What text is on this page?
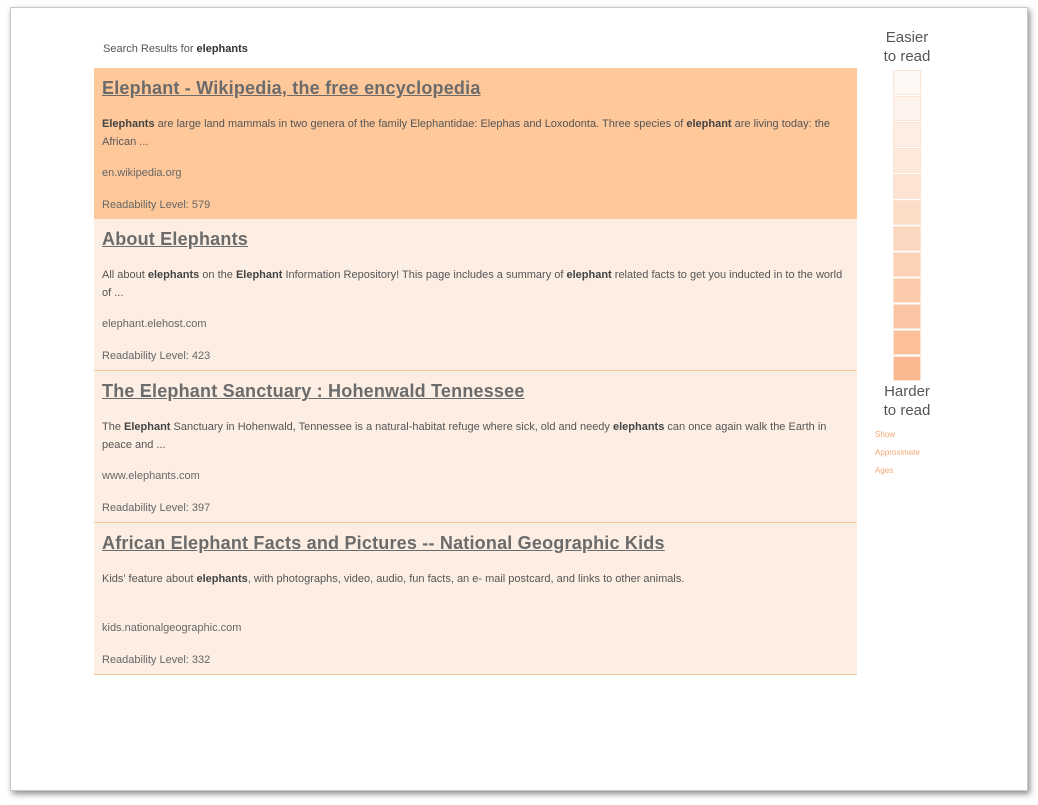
Search Results for elephants
Elephant - Wikipedia, the free encyclopedia
Elephants are large land mammals in two genera of the family Elephantidae: Elephas and Loxodonta. Three species of elephant are living today: the African ...
en.wikipedia.org
Readability Level: 579
About Elephants
All about elephants on the Elephant Information Repository! This page includes a summary of elephant related facts to get you inducted in to the world of ...
elephant.elehost.com
Readability Level: 423
The Elephant Sanctuary : Hohenwald Tennessee
The Elephant Sanctuary in Hohenwald, Tennessee is a natural-habitat refuge where sick, old and needy elephants can once again walk the Earth in peace and ...
www.elephants.com
Readability Level: 397
African Elephant Facts and Pictures -- National Geographic Kids
Kids' feature about elephants, with photographs, video, audio, fun facts, an e- mail postcard, and links to other animals.
kids.nationalgeographic.com
Readability Level: 332
Easier
to read
Harder
to read
Show
Approximate
Ages
